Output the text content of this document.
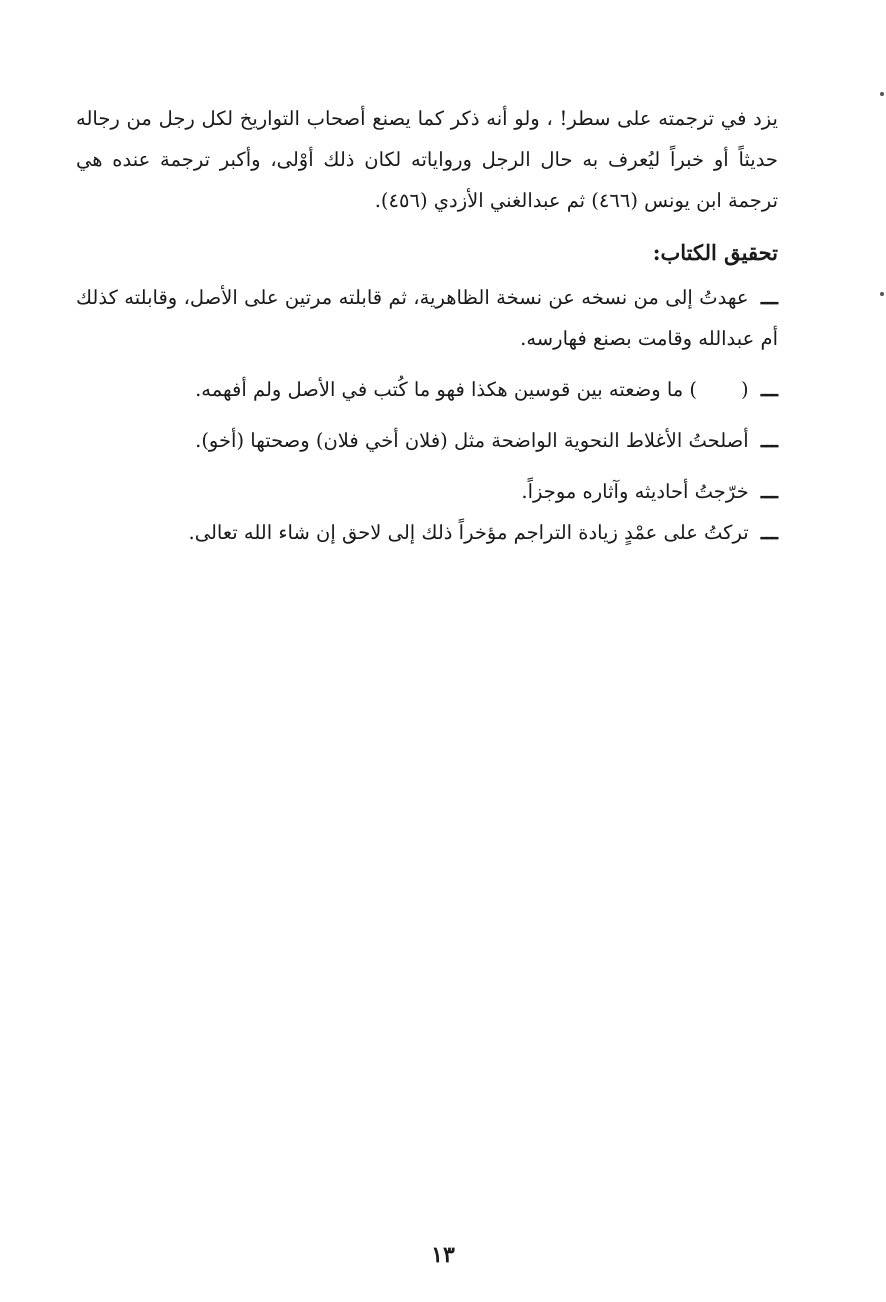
يزد في ترجمته على سطر! ، ولو أنه ذكر كما يصنع أصحاب التواريخ لكل رجل من رجاله حديثاً أو خبراً ليُعرف به حال الرجل ورواياته لكان ذلك أوْلى، وأكبر ترجمة عنده هي ترجمة ابن يونس (٤٦٦) ثم عبدالغني الأزدي (٤٥٦).

تحقيق الكتاب:

ـــ عهدتُ إلى من نسخه عن نسخة الظاهرية، ثم قابلته مرتين على الأصل، وقابلته كذلك أم عبدالله وقامت بصنع فهارسه.

ـــ () ما وضعته بين قوسين هكذا فهو ما كُتب في الأصل ولم أفهمه.

ـــ أصلحتُ الأغلاط النحوية الواضحة مثل (فلان أخي فلان) وصحتها (أخو).

ـــ خرّجتُ أحاديثه وآثاره موجزاً.

ـــ تركتُ على عمْدٍ زيادة التراجم مؤخراً ذلك إلى لاحق إن شاء الله تعالى.

١٣
